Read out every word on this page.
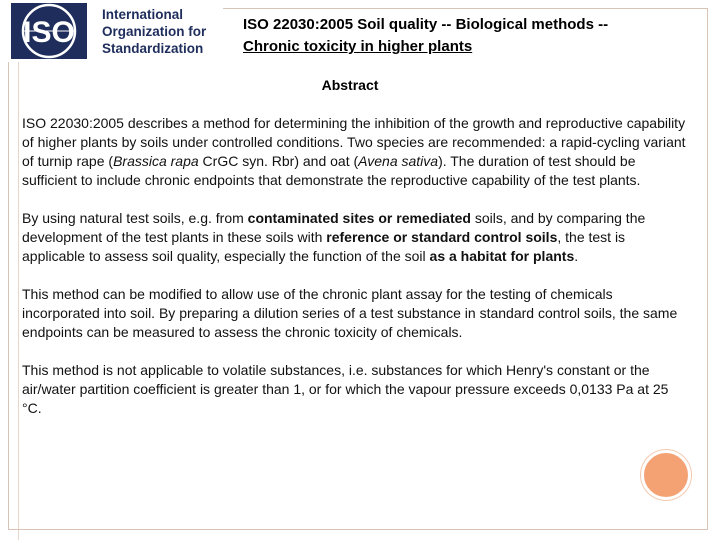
ISO
International
Organization for
Standardization
ISO 22030:2005 Soil quality -- Biological methods --

Chronic toxicity in higher plants
Abstract

ISO 22030:2005 describes a method for determining the inhibition of the growth and reproductive capability of higher plants by soils under controlled conditions. Two species are recommended: a rapid-cycling variant of turnip rape (Brassica rapa CrGC syn. Rbr) and oat (Avena sativa). The duration of test should be sufficient to include chronic endpoints that demonstrate the reproductive capability of the test plants.

By using natural test soils, e.g. from contaminated sites or remediated soils, and by comparing the development of the test plants in these soils with reference or standard control soils, the test is applicable to assess soil quality, especially the function of the soil as a habitat for plants.

This method can be modified to allow use of the chronic plant assay for the testing of chemicals incorporated into soil. By preparing a dilution series of a test substance in standard control soils, the same endpoints can be measured to assess the chronic toxicity of chemicals.

This method is not applicable to volatile substances, i.e. substances for which Henry's constant or the air/water partition coefficient is greater than 1, or for which the vapour pressure exceeds 0,0133 Pa at 25 °C.
